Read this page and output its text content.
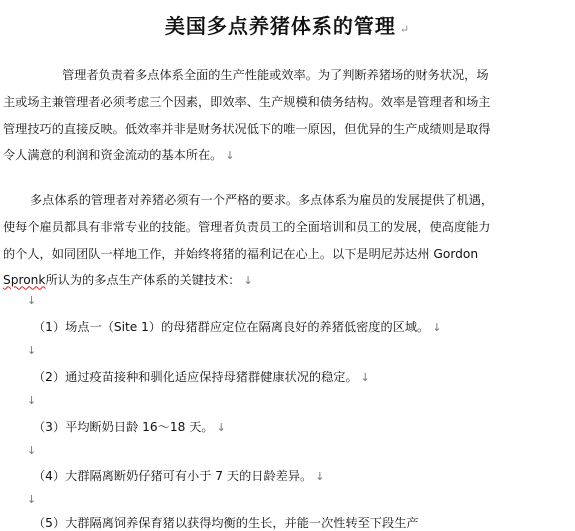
美国多点养猪体系的管理 ↵
管理者负责着多点体系全面的生产性能或效率。为了判断养猪场的财务状况，场
主或场主兼管理者必须考虑三个因素，即效率、生产规模和债务结构。效率是管理者和场主
管理技巧的直接反映。低效率并非是财务状况低下的唯一原因，但优异的生产成绩则是取得
令人满意的利润和资金流动的基本所在。 ↓
多点体系的管理者对养猪必须有一个严格的要求。多点体系为雇员的发展提供了机遇，
使每个雇员都具有非常专业的技能。管理者负责员工的全面培训和员工的发展，使高度能力
的个人，如同团队一样地工作，并始终将猪的福利记在心上。以下是明尼苏达州 Gordon
Spronk所认为的多点生产体系的关键技术： ↓
↓
（1）场点一（Site 1）的母猪群应定位在隔离良好的养猪低密度的区域。 ↓
↓
（2）通过疫苗接种和驯化适应保持母猪群健康状况的稳定。 ↓
↓
（3）平均断奶日龄 16～18 天。 ↓
↓
（4）大群隔离断奶仔猪可有小于 7 天的日龄差异。 ↓
↓
（5）大群隔离饲养保育猪以获得均衡的生长，并能一次性转至下段生产
